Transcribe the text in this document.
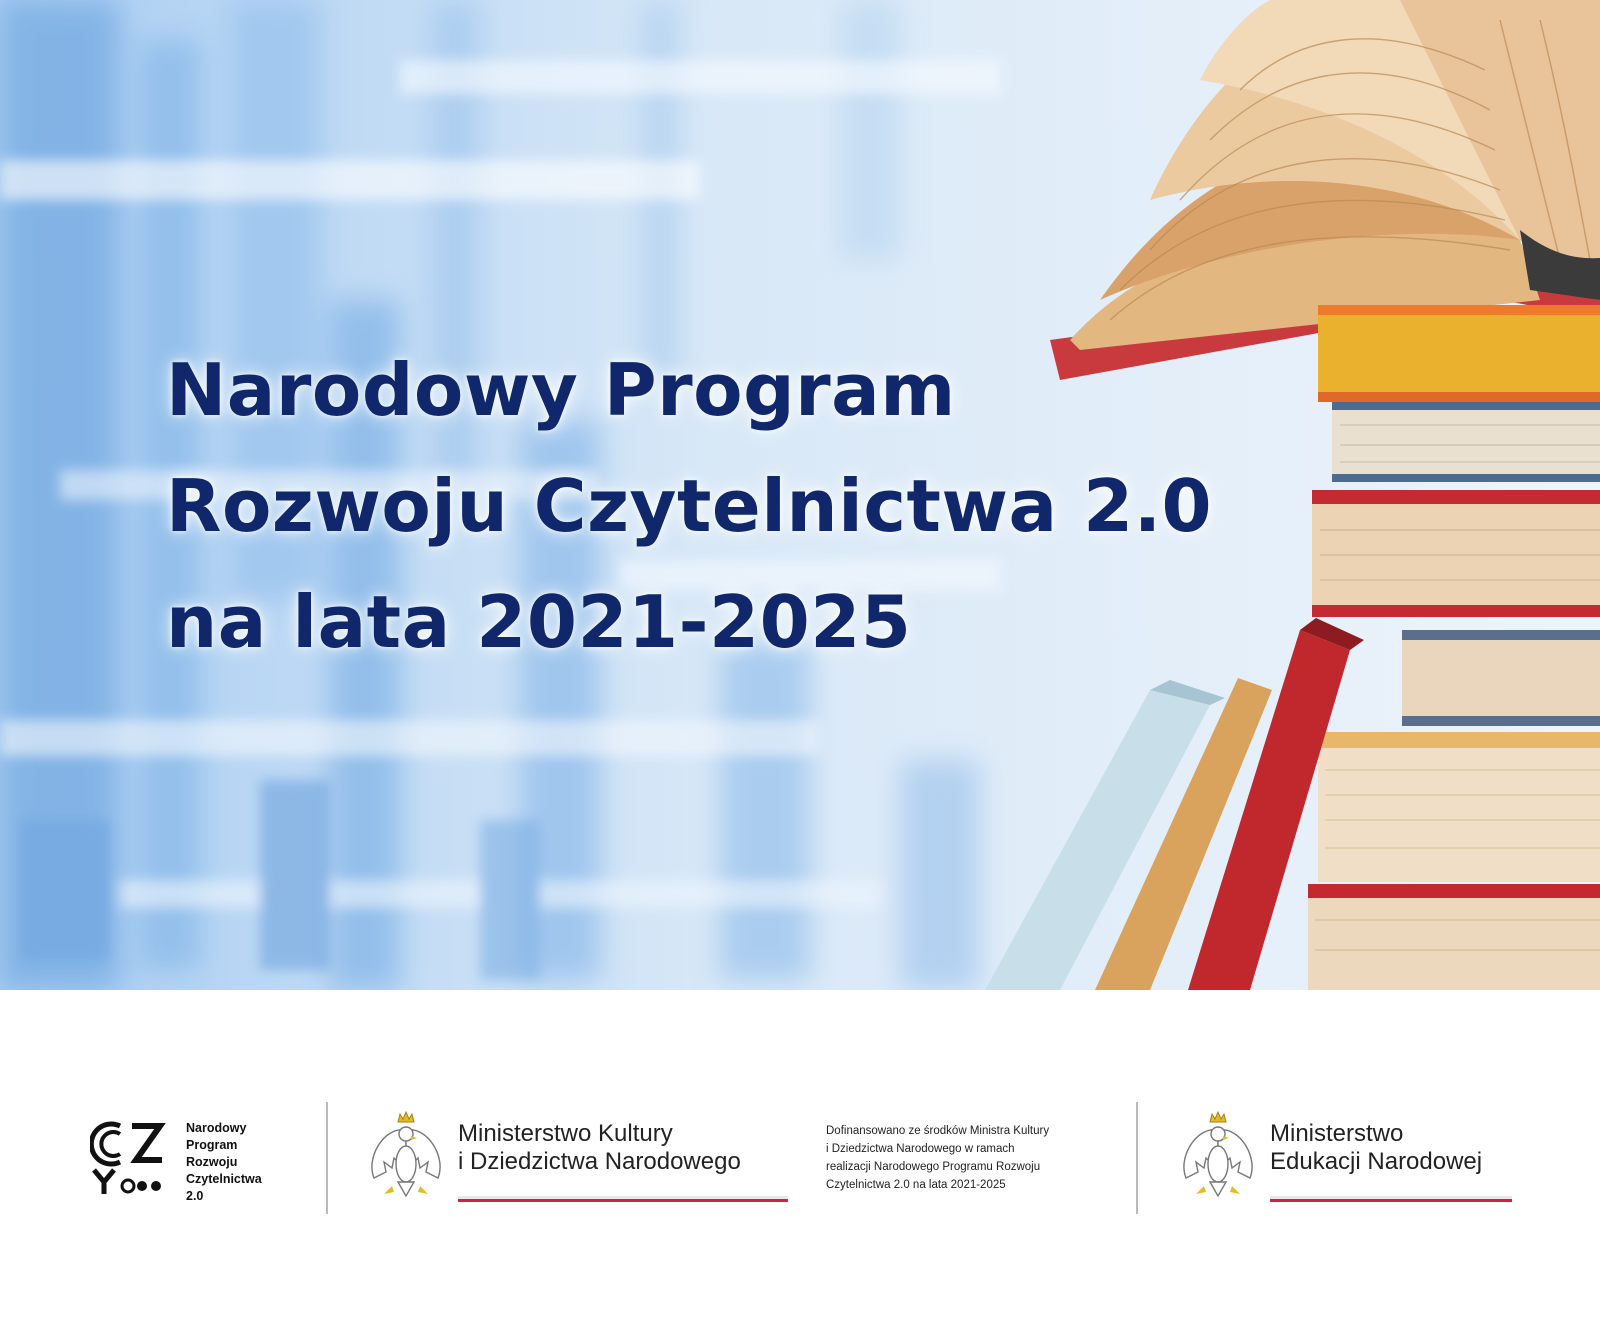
Narodowy Program
Rozwoju Czytelnictwa 2.0
na lata 2021-2025
Narodowy
Program
Rozwoju
Czytelnictwa
2.0
Ministerstwo Kultury
i Dziedzictwa Narodowego
Dofinansowano ze środków Ministra Kultury
i Dziedzictwa Narodowego w ramach
realizacji Narodowego Programu Rozwoju
Czytelnictwa 2.0 na lata 2021-2025
Ministerstwo
Edukacji Narodowej
